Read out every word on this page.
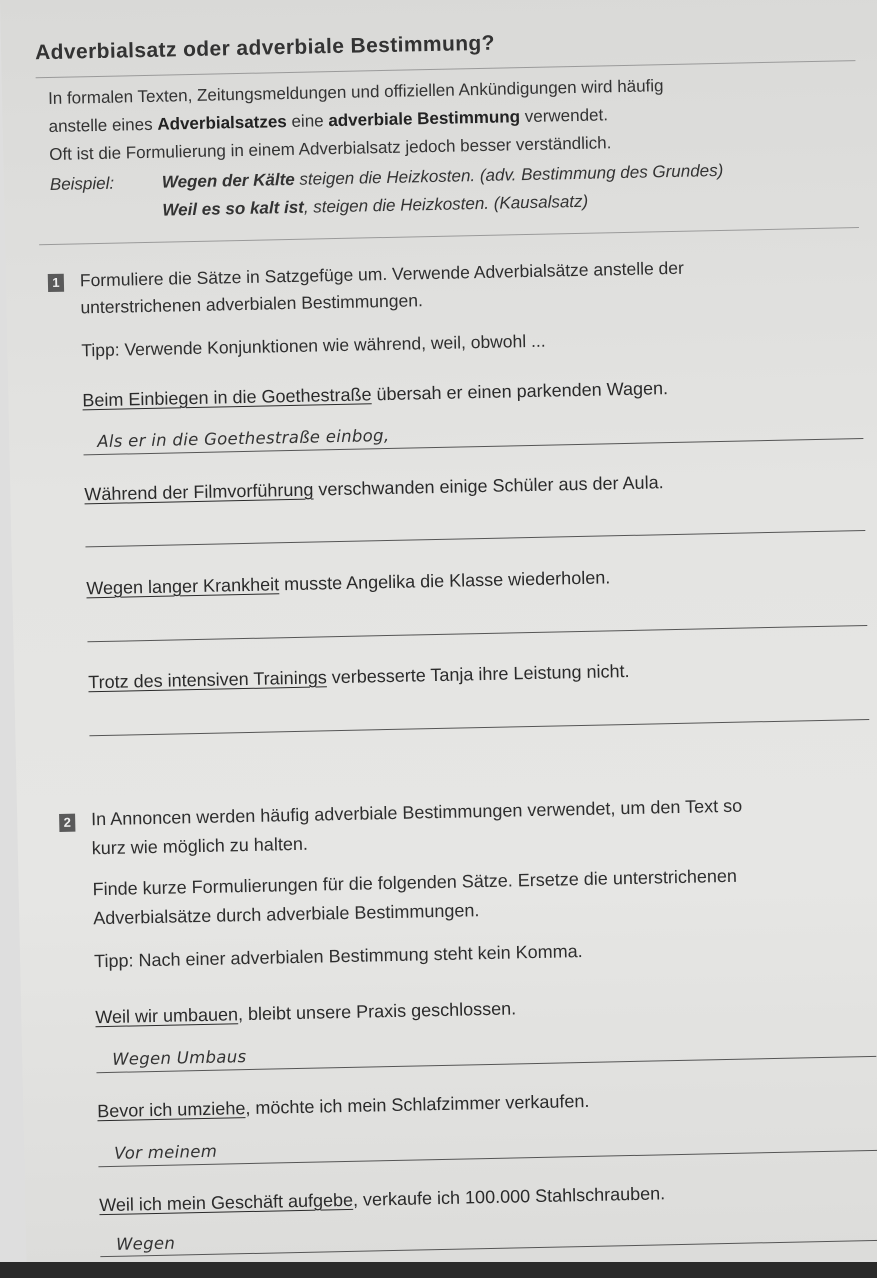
Adverbialsatz oder adverbiale Bestimmung?
In formalen Texten, Zeitungsmeldungen und offiziellen Ankündigungen wird häufig
anstelle eines Adverbialsatzes eine adverbiale Bestimmung verwendet.
Oft ist die Formulierung in einem Adverbialsatz jedoch besser verständlich.
Beispiel:	Wegen der Kälte steigen die Heizkosten. (adv. Bestimmung des Grundes)
Weil es so kalt ist, steigen die Heizkosten. (Kausalsatz)
1 Formuliere die Sätze in Satzgefüge um. Verwende Adverbialsätze anstelle der
unterstrichenen adverbialen Bestimmungen.
Tipp: Verwende Konjunktionen wie während, weil, obwohl ...
Beim Einbiegen in die Goethestraße übersah er einen parkenden Wagen.
Als er in die Goethestraße einbog,
Während der Filmvorführung verschwanden einige Schüler aus der Aula.
Wegen langer Krankheit musste Angelika die Klasse wiederholen.
Trotz des intensiven Trainings verbesserte Tanja ihre Leistung nicht.
2 In Annoncen werden häufig adverbiale Bestimmungen verwendet, um den Text so
kurz wie möglich zu halten.
Finde kurze Formulierungen für die folgenden Sätze. Ersetze die unterstrichenen
Adverbialsätze durch adverbiale Bestimmungen.
Tipp: Nach einer adverbialen Bestimmung steht kein Komma.
Weil wir umbauen, bleibt unsere Praxis geschlossen.
Wegen Umbaus
Bevor ich umziehe, möchte ich mein Schlafzimmer verkaufen.
Vor meinem
Weil ich mein Geschäft aufgebe, verkaufe ich 100.000 Stahlschrauben.
Wegen
